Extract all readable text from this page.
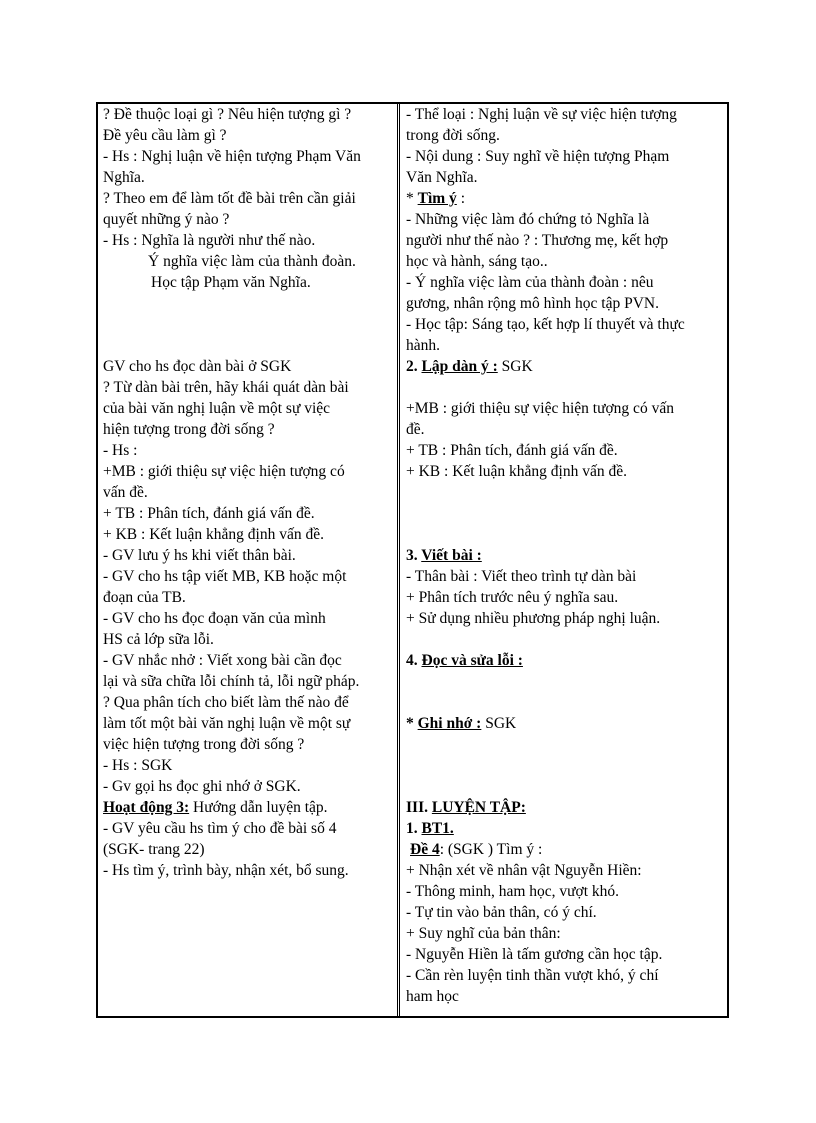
? Đề thuộc loại gì ? Nêu hiện tượng gì ?
Đề yêu cầu làm gì ?
- Hs : Nghị luận về hiện tượng Phạm Văn
Nghĩa.
? Theo em để làm tốt đề bài trên cần giải
quyết những ý nào ?
- Hs : Nghĩa là người như thế nào.
Ý nghĩa việc làm của thành đoàn.
Học tập Phạm văn Nghĩa.
GV cho hs đọc dàn bài ở SGK
? Từ dàn bài trên, hãy khái quát dàn bài
của bài văn nghị luận về một sự việc
hiện tượng trong đời sống ?
- Hs :
+MB : giới thiệu sự việc hiện tượng có
vấn đề.
+ TB : Phân tích, đánh giá vấn đề.
+ KB : Kết luận khẳng định vấn đề.
- GV lưu ý hs khi viết thân bài.
- GV cho hs tập viết MB, KB hoặc một
đoạn của TB.
- GV cho hs đọc đoạn văn của mình
HS cả lớp sữa lỗi.
- GV nhắc nhở : Viết xong bài cần đọc
lại và sữa chữa lỗi chính tả, lỗi ngữ pháp.
? Qua phân tích cho biết làm thế nào để
làm tốt một bài văn nghị luận về một sự
việc hiện tượng trong đời sống ?
- Hs : SGK
- Gv gọi hs đọc ghi nhớ ở SGK.
Hoạt động 3: Hướng dẫn luyện tập.
- GV yêu cầu hs tìm ý cho đề bài số 4
(SGK- trang 22)
- Hs tìm ý, trình bày, nhận xét, bổ sung.
- Thể loại : Nghị luận về sự việc hiện tượng
trong đời sống.
- Nội dung : Suy nghĩ về hiện tượng Phạm
Văn Nghĩa.
* Tìm ý :
- Những việc làm đó chứng tỏ Nghĩa là
người như thế nào ? : Thương mẹ, kết hợp
học và hành, sáng tạo..
- Ý nghĩa việc làm của thành đoàn : nêu
gương, nhân rộng mô hình học tập PVN.
- Học tập: Sáng tạo, kết hợp lí thuyết và thực
hành.
2. Lập dàn ý : SGK
+MB : giới thiệu sự việc hiện tượng có vấn
đề.
+ TB : Phân tích, đánh giá vấn đề.
+ KB : Kết luận khẳng định vấn đề.
3. Viết bài :
- Thân bài : Viết theo trình tự dàn bài
+ Phân tích trước nêu ý nghĩa sau.
+ Sử dụng nhiều phương pháp nghị luận.
4. Đọc và sửa lỗi :
* Ghi nhớ : SGK
III. LUYỆN TẬP:
1. BT1.
Đề 4: (SGK ) Tìm ý :
+ Nhận xét về nhân vật Nguyễn Hiền:
- Thông minh, ham học, vượt khó.
- Tự tin vào bản thân, có ý chí.
+ Suy nghĩ của bản thân:
- Nguyễn Hiền là tấm gương cần học tập.
- Cần rèn luyện tinh thần vượt khó, ý chí
ham học
